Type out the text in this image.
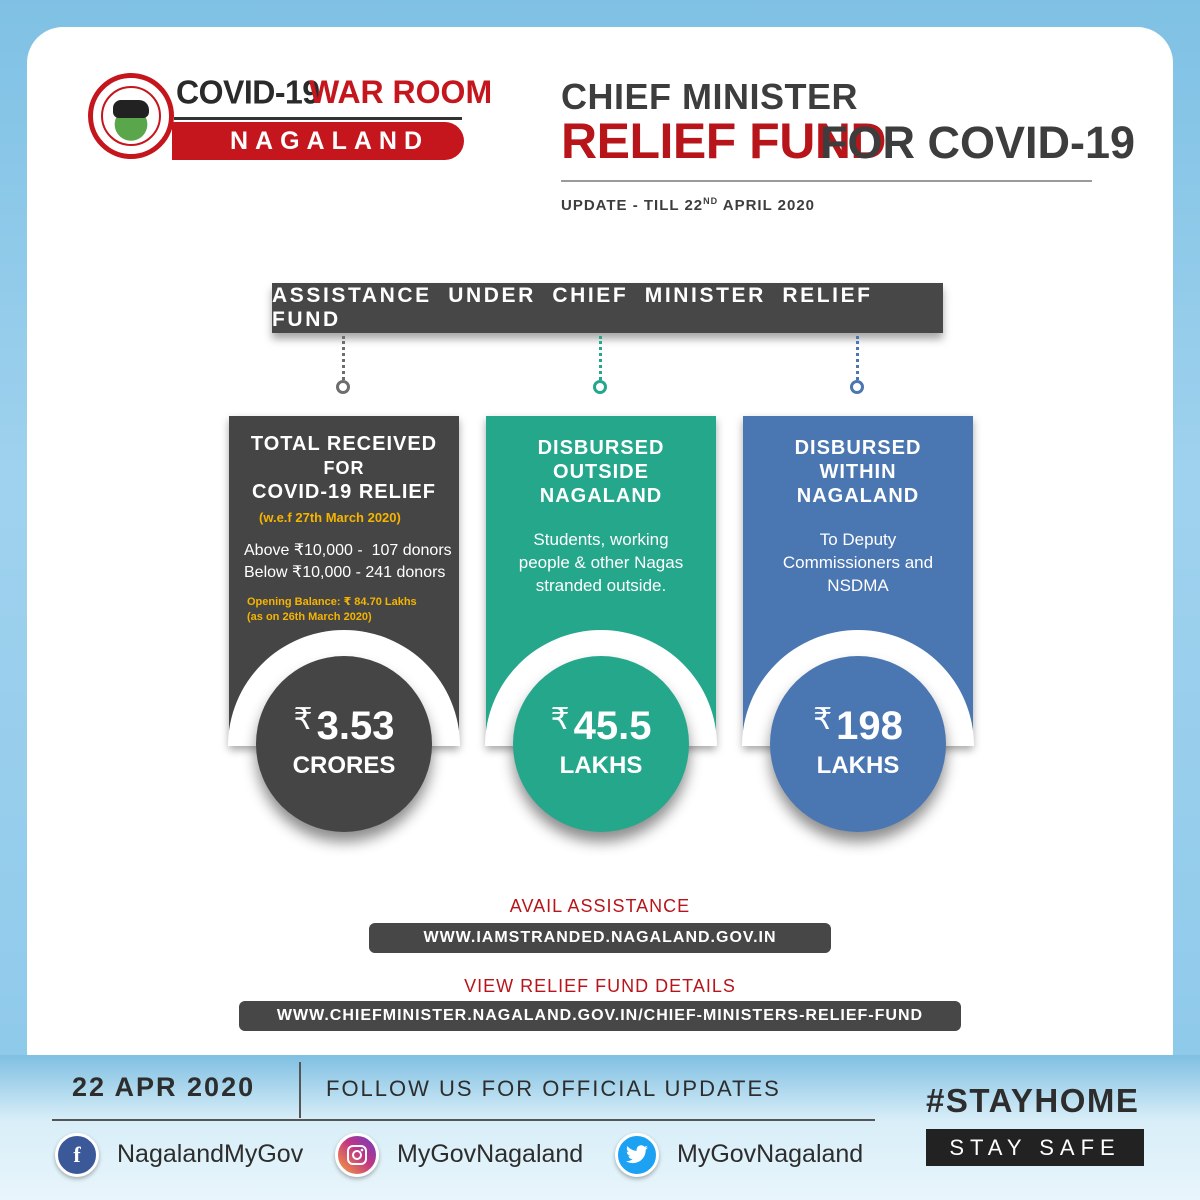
COVID-19
WAR ROOM
NAGALAND
CHIEF MINISTER
RELIEF FUND
FOR COVID-19
UPDATE - TILL 22ND APRIL 2020
ASSISTANCE UNDER CHIEF MINISTER RELIEF FUND
TOTAL RECEIVED
FOR
COVID-19 RELIEF
(w.e.f 27th March 2020)
Above ₹10,000 -  107 donors
Below ₹10,000 - 241 donors
Opening Balance: ₹ 84.70 Lakhs
(as on 26th March 2020)
DISBURSED
OUTSIDE
NAGALAND
Students, working
people & other Nagas
stranded outside.
DISBURSED
WITHIN
NAGALAND
To Deputy
Commissioners and
NSDMA
₹ 3.53
CRORES
₹ 45.5
LAKHS
₹ 198
LAKHS
AVAIL ASSISTANCE
WWW.IAMSTRANDED.NAGALAND.GOV.IN
VIEW RELIEF FUND DETAILS
WWW.CHIEFMINISTER.NAGALAND.GOV.IN/CHIEF-MINISTERS-RELIEF-FUND
22 APR 2020	FOLLOW US FOR OFFICIAL UPDATES
f	NagalandMyGov	MyGovNagaland	MyGovNagaland
#STAYHOME
STAY SAFE
